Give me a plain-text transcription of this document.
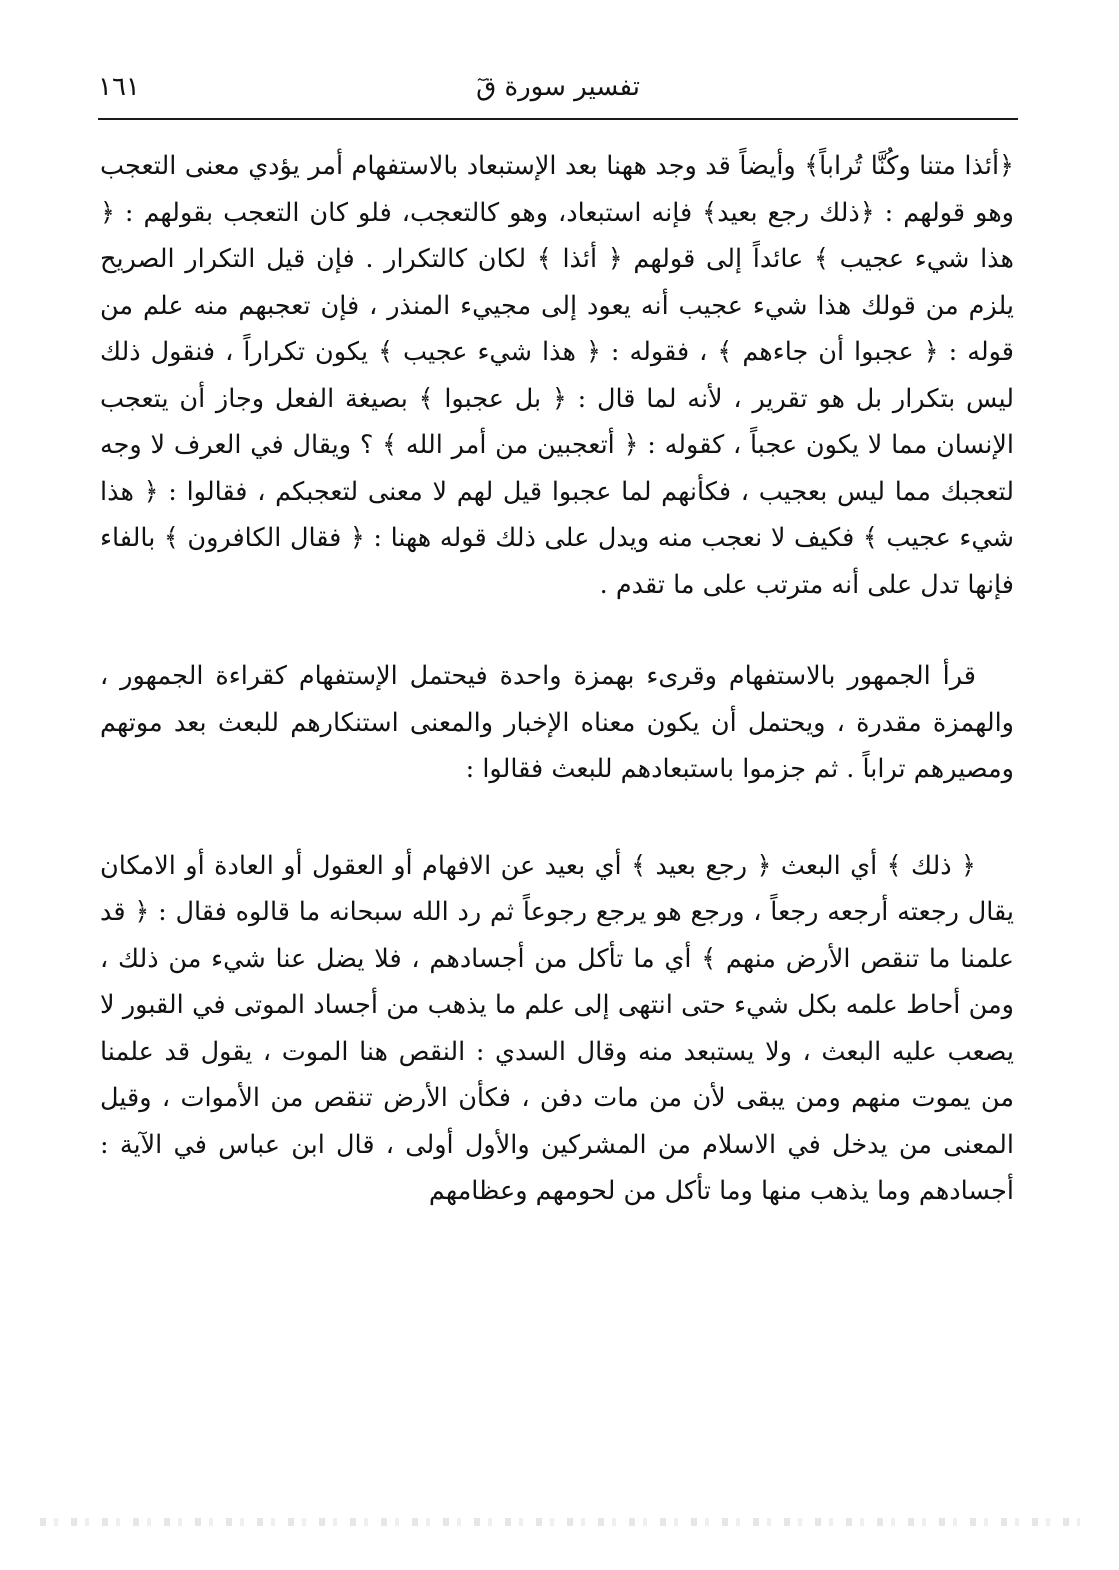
تفسير سورة قٓ
١٦١

﴿أئذا متنا وكُنَّا تُراباً﴾ وأيضاً قد وجد ههنا بعد الإستبعاد بالاستفهام أمر يؤدي معنى التعجب وهو قولهم : ﴿ذلك رجع بعيد﴾ فإنه استبعاد، وهو كالتعجب، فلو كان التعجب بقولهم : ﴿ هذا شيء عجيب ﴾ عائداً إلى قولهم ﴿ أئذا ﴾ لكان كالتكرار . فإن قيل التكرار الصريح يلزم من قولك هذا شيء عجيب أنه يعود إلى مجييء المنذر ، فإن تعجبهم منه علم من قوله : ﴿ عجبوا أن جاءهم ﴾ ، فقوله : ﴿ هذا شيء عجيب ﴾ يكون تكراراً ، فنقول ذلك ليس بتكرار بل هو تقرير ، لأنه لما قال : ﴿ بل عجبوا ﴾ بصيغة الفعل وجاز أن يتعجب الإنسان مما لا يكون عجباً ، كقوله : ﴿ أتعجبين من أمر الله ﴾ ؟ ويقال في العرف لا وجه لتعجبك مما ليس بعجيب ، فكأنهم لما عجبوا قيل لهم لا معنى لتعجبكم ، فقالوا : ﴿ هذا شيء عجيب ﴾ فكيف لا نعجب منه ويدل على ذلك قوله ههنا : ﴿ فقال الكافرون ﴾ بالفاء فإنها تدل على أنه مترتب على ما تقدم .

قرأ الجمهور بالاستفهام وقرىء بهمزة واحدة فيحتمل الإستفهام كقراءة الجمهور ، والهمزة مقدرة ، ويحتمل أن يكون معناه الإخبار والمعنى استنكارهم للبعث بعد موتهم ومصيرهم تراباً . ثم جزموا باستبعادهم للبعث فقالوا :

﴿ ذلك ﴾ أي البعث ﴿ رجع بعيد ﴾ أي بعيد عن الافهام أو العقول أو العادة أو الامكان يقال رجعته أرجعه رجعاً ، ورجع هو يرجع رجوعاً ثم رد الله سبحانه ما قالوه فقال : ﴿ قد علمنا ما تنقص الأرض منهم ﴾ أي ما تأكل من أجسادهم ، فلا يضل عنا شيء من ذلك ، ومن أحاط علمه بكل شيء حتى انتهى إلى علم ما يذهب من أجساد الموتى في القبور لا يصعب عليه البعث ، ولا يستبعد منه وقال السدي : النقص هنا الموت ، يقول قد علمنا من يموت منهم ومن يبقى لأن من مات دفن ، فكأن الأرض تنقص من الأموات ، وقيل المعنى من يدخل في الاسلام من المشركين والأول أولى ، قال ابن عباس في الآية : أجسادهم وما يذهب منها وما تأكل من لحومهم وعظامهم
